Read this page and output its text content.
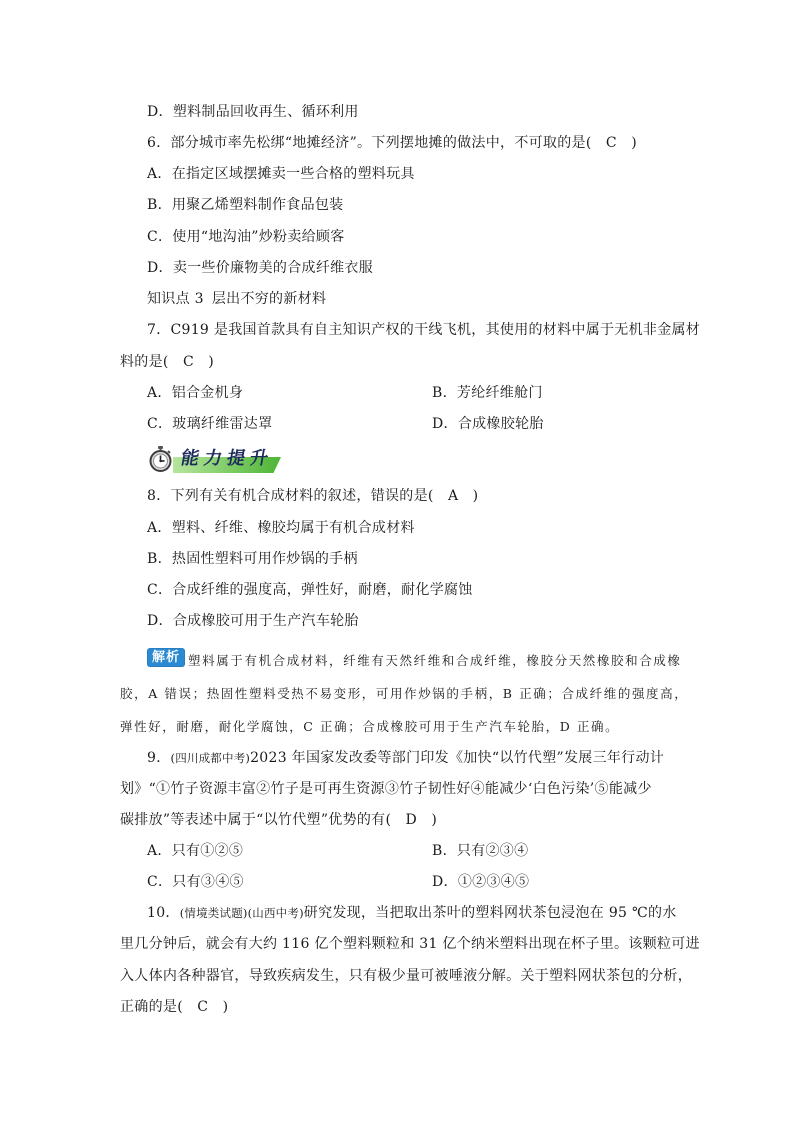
D．塑料制品回收再生、循环利用
6．部分城市率先松绑“地摊经济”。下列摆地摊的做法中，不可取的是(　C　)
A．在指定区域摆摊卖一些合格的塑料玩具
B．用聚乙烯塑料制作食品包装
C．使用“地沟油”炒粉卖给顾客
D．卖一些价廉物美的合成纤维衣服
知识点 3 层出不穷的新材料
7．C919 是我国首款具有自主知识产权的干线飞机，其使用的材料中属于无机非金属材
料的是(　C　)
A．铝合金机身	B．芳纶纤维舱门
C．玻璃纤维雷达罩	D．合成橡胶轮胎
能力提升
8．下列有关有机合成材料的叙述，错误的是(　A　)
A．塑料、纤维、橡胶均属于有机合成材料
B．热固性塑料可用作炒锅的手柄
C．合成纤维的强度高，弹性好，耐磨，耐化学腐蚀
D．合成橡胶可用于生产汽车轮胎
解析 塑料属于有机合成材料，纤维有天然纤维和合成纤维，橡胶分天然橡胶和合成橡
胶，A 错误；热固性塑料受热不易变形，可用作炒锅的手柄，B 正确；合成纤维的强度高，
弹性好，耐磨，耐化学腐蚀，C 正确；合成橡胶可用于生产汽车轮胎，D 正确。
9．(四川成都中考)2023 年国家发改委等部门印发《加快“以竹代塑”发展三年行动计
划》“①竹子资源丰富②竹子是可再生资源③竹子韧性好④能减少‘白色污染’⑤能减少
碳排放”等表述中属于“以竹代塑”优势的有(　D　)
A．只有①②⑤	B．只有②③④
C．只有③④⑤	D．①②③④⑤
10．(情境类试题)(山西中考)研究发现，当把取出茶叶的塑料网状茶包浸泡在 95 ℃的水
里几分钟后，就会有大约 116 亿个塑料颗粒和 31 亿个纳米塑料出现在杯子里。该颗粒可进
入人体内各种器官，导致疾病发生，只有极少量可被唾液分解。关于塑料网状茶包的分析，
正确的是(　C　)
